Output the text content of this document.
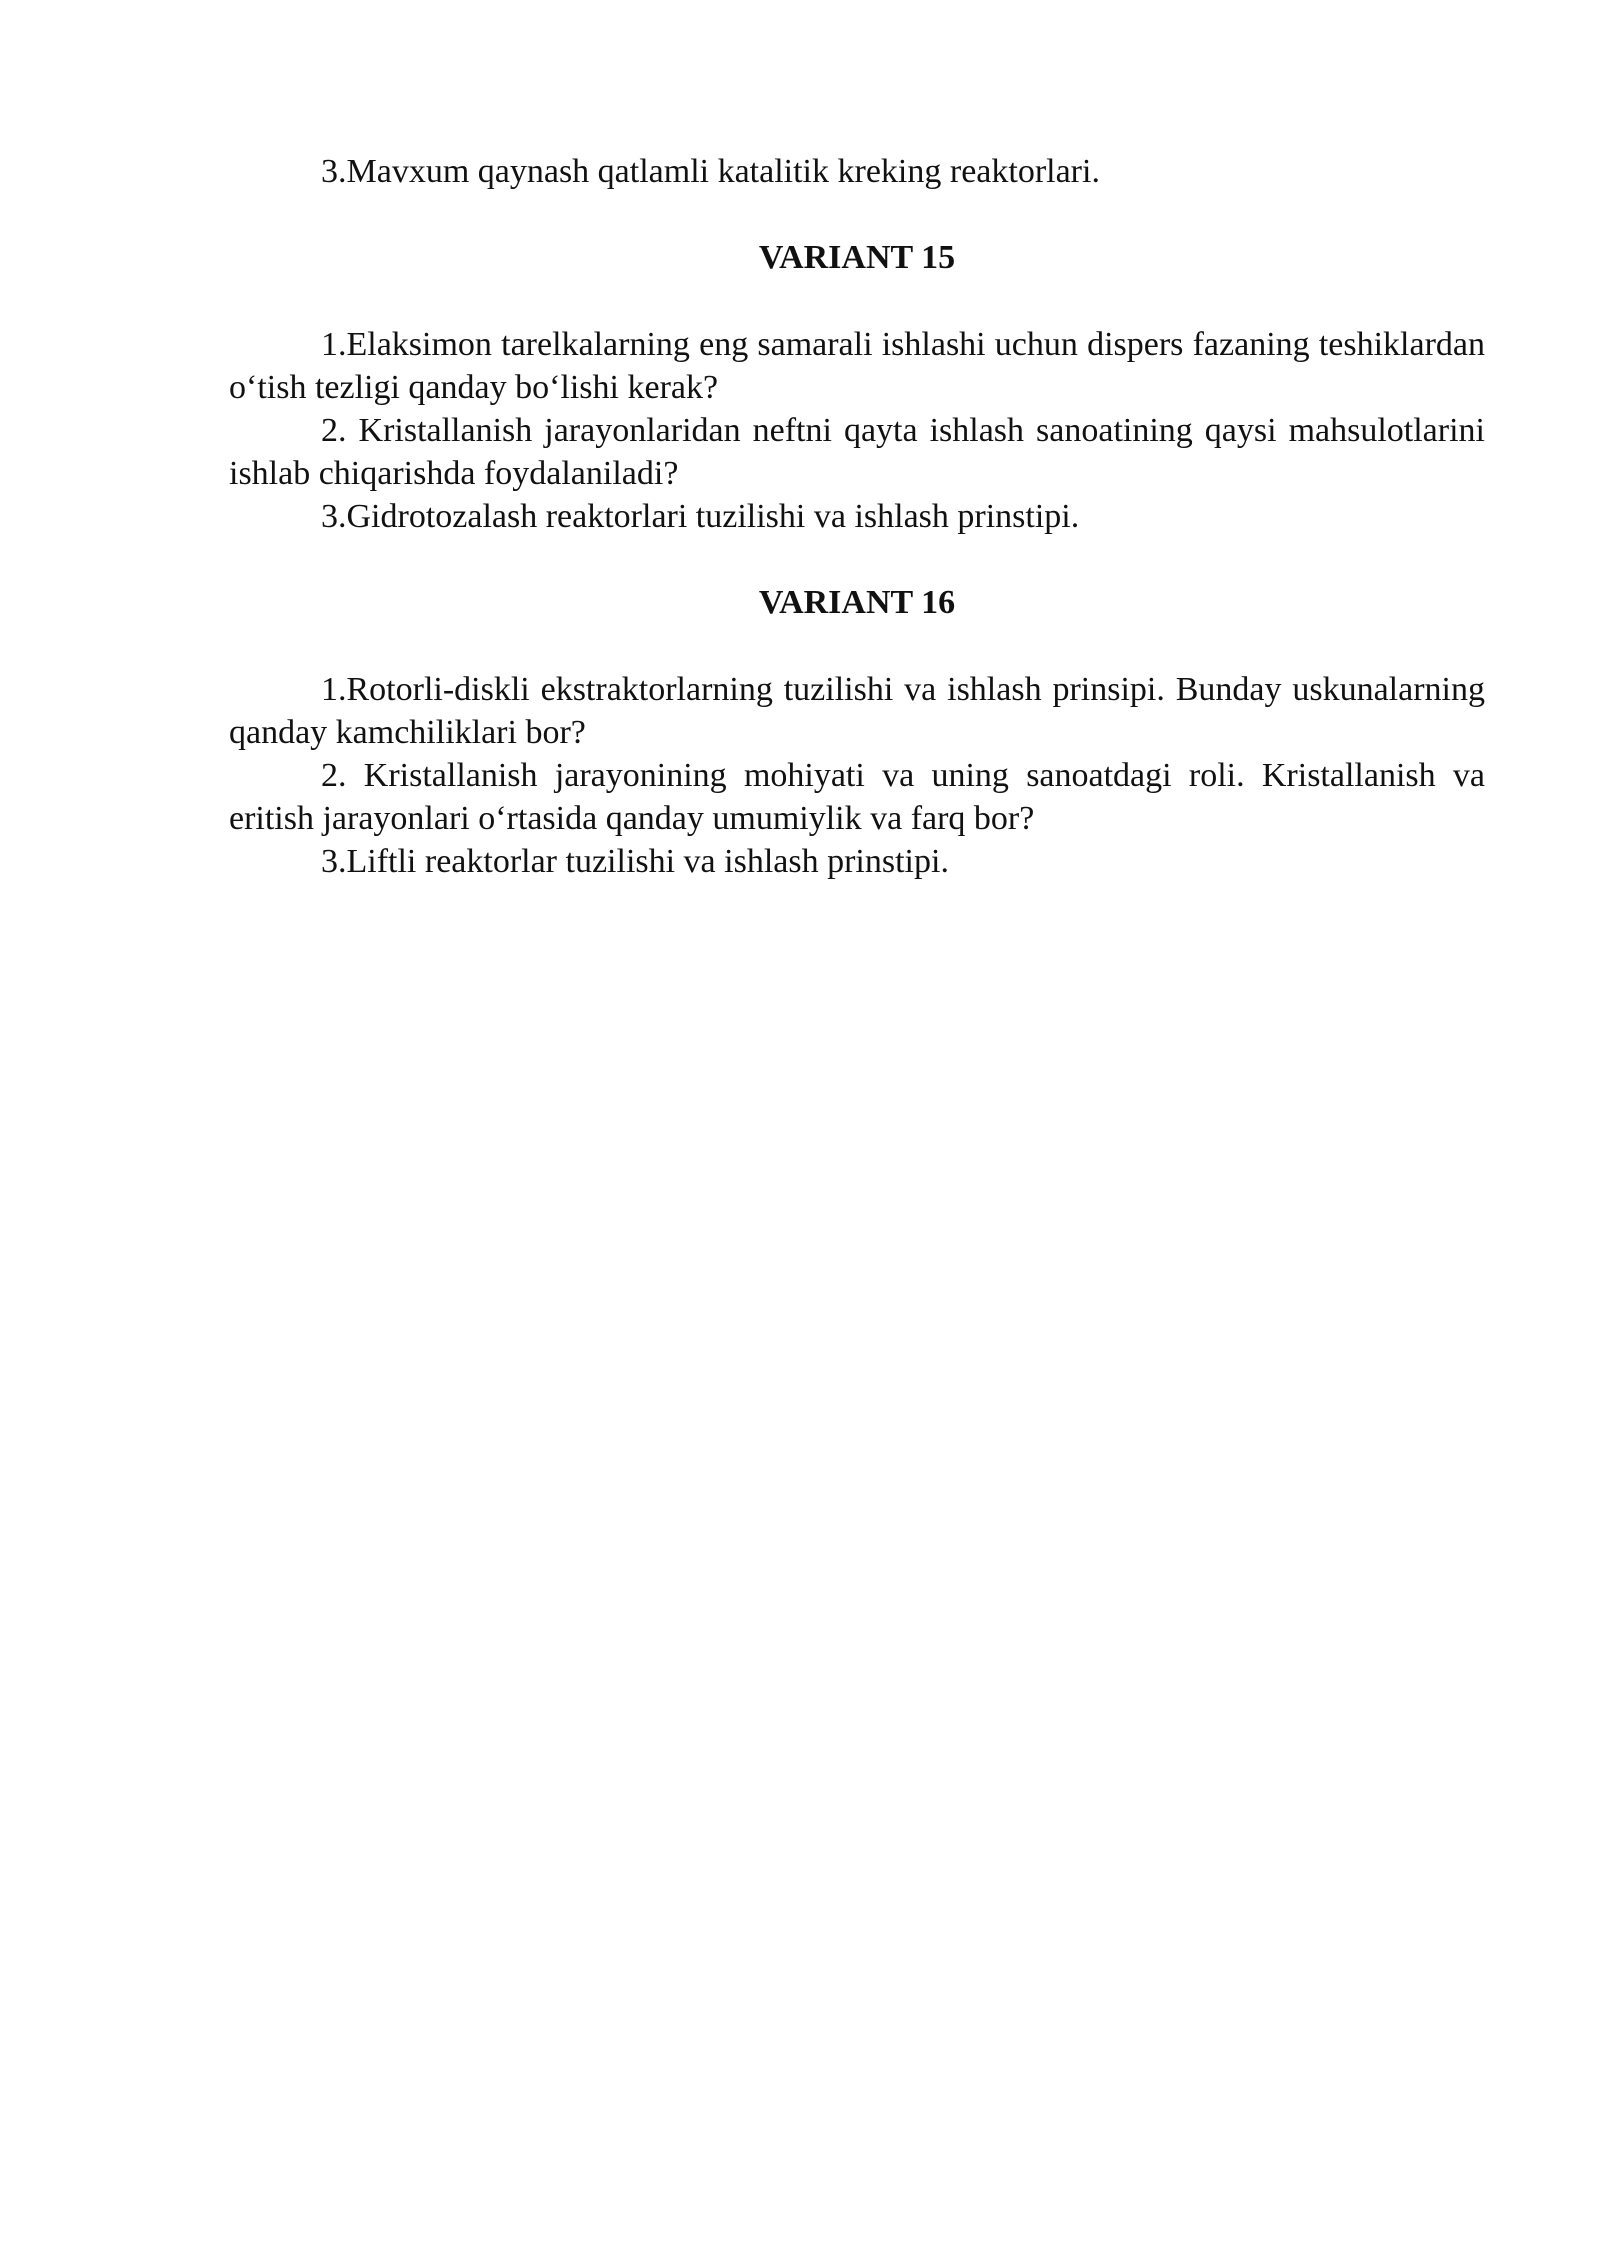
3.Mavxum qaynash qatlamli katalitik kreking reaktorlari.

VARIANT 15

1.Elaksimon tarelkalarning eng samarali ishlashi uchun dispers fazaning teshiklardan o‘tish tezligi qanday bo‘lishi kerak?

2. Kristallanish jarayonlaridan neftni qayta ishlash sanoatining qaysi mahsulotlarini ishlab chiqarishda foydalaniladi?

3.Gidrotozalash reaktorlari tuzilishi va ishlash prinstipi.

VARIANT 16

1.Rotorli-diskli ekstraktorlarning tuzilishi va ishlash prinsipi. Bunday uskunalarning qanday kamchiliklari bor?

2. Kristallanish jarayonining mohiyati va uning sanoatdagi roli. Kristallanish va eritish jarayonlari o‘rtasida qanday umumiylik va farq bor?

3.Liftli reaktorlar tuzilishi va ishlash prinstipi.
